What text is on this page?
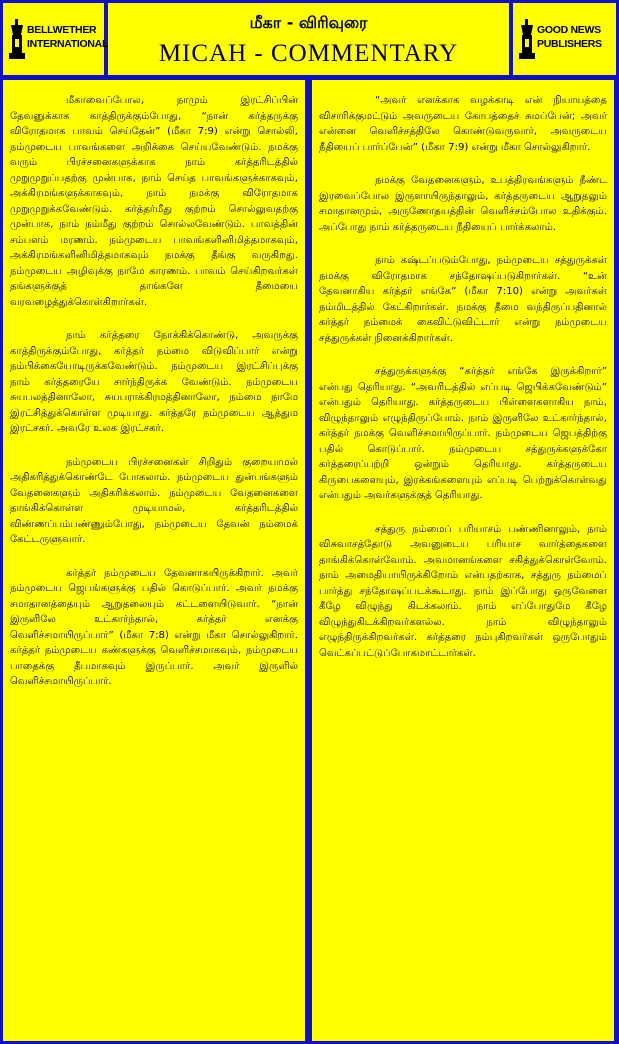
BELLWETHER
INTERNATIONAL
மீகா - விரிவுரை
MICAH - COMMENTARY
GOOD NEWS
PUBLISHERS

மீகாவைப்போல, நாமும் இரட்சிப்பின் தேவனுக்காக காத்திருக்கும்போது, “நான் கர்த்தருக்கு விரோதமாக பாவம் செய்தேன்” (மீகா 7:9) என்று சொல்லி, நம்முடைய பாவங்களை அறிக்கை செய்யவேண்டும். நமக்கு வரும் பிரச்சனைகளுக்காக நாம் கர்த்தரிடத்தில் முறுமுறுப்பதற்கு முன்பாக, நாம் செய்த பாவங்களுக்காகவும், அக்கிரமங்களுக்காகவும், நாம் நமக்கு விரோதமாக முறுமுறுக்கவேண்டும். கர்த்தர்மீது குற்றம் சொல்லுவதற்கு முன்பாக, நாம் நம்மீது குற்றம் சொல்லவேண்டும். பாவத்தின் சம்பளம் மரணம். நம்முடைய பாவங்களினிமித்தமாகவும், அக்கிரமங்களினிமித்தமாகவும் நமக்கு தீங்கு வருகிறது. நம்முடைய அழிவுக்கு நாமே காரணம். பாவம் செய்கிறவர்கள் தங்களுக்குத் தாங்களே தீமையை வரவழைத்துக்கொள்கிறார்கள்.

நாம் கர்த்தரை நோக்கிக்கொண்டு, அவருக்கு காத்திருக்கும்போது, கர்த்தர் நம்மை விடுவிப்பார் என்று நம்பிக்கையோடிருக்கவேண்டும். நம்முடைய இரட்சிப்புக்கு நாம் கர்த்தரையே சார்ந்திருக்க வேண்டும். நம்முடைய சுயபலத்தினாலோ, சுயபராக்கிரமத்தினாலோ, நம்மை நாமே இரட்சித்துக்கொள்ள முடியாது. கர்த்தரே நம்முடைய ஆத்தும இரட்சகர். அவரே உலக இரட்சகர்.

நம்முடைய பிரச்சனைகள் சிறிதும் குறையாமல் அதிகரித்துக்கொண்டே போகலாம். நம்முடைய துன்பங்களும் வேதனைகளும் அதிகரிக்கலாம். நம்முடைய வேதனைகளை தாங்கிக்கொள்ள முடியாமல், கர்த்தரிடத்தில் விண்ணப்பம்பண்ணும்போது, நம்முடைய தேவன் நம்மைக் கேட்டருளுவார்.

கர்த்தர் நம்முடைய தேவனாகயிருக்கிறார். அவர் நம்முடைய ஜெபங்களுக்கு பதில் கொடுப்பார். அவர் நமக்கு சமாதானத்தையும் ஆறுதலையும் கட்டளையிடுவார். “நான் இருளிலே உட்கார்ந்தால், கர்த்தர் எனக்கு வெளிச்சமாயிருப்பார்” (மீகா 7:8) என்று மீகா சொல்லுகிறார். கர்த்தர் நம்முடைய கண்களுக்கு வெளிச்சமாகவும், நம்முடைய பாதைக்கு தீபமாகவும் இருப்பார். அவர் இருளில் வெளிச்சமாயிருப்பார்.

“அவர் எனக்காக வழக்காடி என் நியாயத்தை விசாரிக்குமட்டும் அவருடைய கோபத்தைச் சுமப்பேன்; அவர் என்னை வெளிச்சத்திலே கொண்டுவருவார், அவருடைய நீதியைப் பார்ப்பேன்” (மீகா 7:9) என்று மீகா சொல்லுகிறார்.

நமக்கு வேதனைகளும், உபத்திரவங்களும் நீண்ட இரவைப்போல இருளாயிருந்தாலும், கர்த்தருடைய ஆறுதலும் சமாதானமும், அருணோதயத்தின் வெளிச்சம்போல உதிக்கும். அப்போது நாம் கர்த்தருடைய நீதியைப் பார்க்கலாம்.

நாம் கஷ்டப்படும்போது, நம்முடைய சத்துருக்கள் நமக்கு விரோதமாக சந்தோஷப்படுகிறார்கள். “உன் தேவனாகிய கர்த்தர் எங்கே” (மீகா 7:10) என்று அவர்கள் நம்மிடத்தில் கேட்கிறார்கள். நமக்கு தீமை வந்திருப்பதினால் கர்த்தர் நம்மைக் கைவிட்டுவிட்டார் என்று நம்முடைய சத்துருக்கள் நினைக்கிறார்கள்.

சத்துருக்களுக்கு “கர்த்தர் எங்கே இருக்கிறார்” என்பது தெரியாது. “அவரிடத்தில் எப்படி ஜெபிக்கவேண்டும்” என்பதும் தெரியாது. கர்த்தருடைய பிள்ளைகளாகிய நாம், விழுந்தாலும் எழுந்திருப்போம். நாம் இருளிலே உட்கார்ந்தால், கர்த்தர் நமக்கு வெளிச்சமாயிருப்பார். நம்முடைய ஜெபத்திற்கு பதில் கொடுப்பார். நம்முடைய சத்துருக்களுக்கோ கர்த்தரைப்பற்றி ஒன்றும் தெரியாது. கர்த்தருடைய கிருபைகளையும், இரக்கங்களையும் எப்படி பெற்றுக்கொள்வது என்பதும் அவர்களுக்குத் தெரியாது.

சத்துரு நம்மைப் பரியாசம் பண்ணினாலும், நாம் விசுவாசத்தோடு அவனுடைய பரியாச வார்த்தைகளை தாங்கிக்கொள்வோம். அவமானங்களை சகித்துக்கொள்வோம். நாம் அமைதியாயிருக்கிறோம் என்பதற்காக, சத்துரு நம்மைப் பார்த்து சந்தோஷப்படக்கூடாது. நாம் இப்போது ஒருவேளை கீழே விழுந்து கிடக்கலாம். நாம் எப்போதுமே கீழே விழுந்துகிடக்கிறவர்களல்ல. நாம் விழுந்தாலும் எழுந்திருக்கிறவர்கள். கர்த்தரை நம்புகிறவர்கள் ஒருபோதும் வெட்கப்பட்டுப்போகமாட்டார்கள்.
